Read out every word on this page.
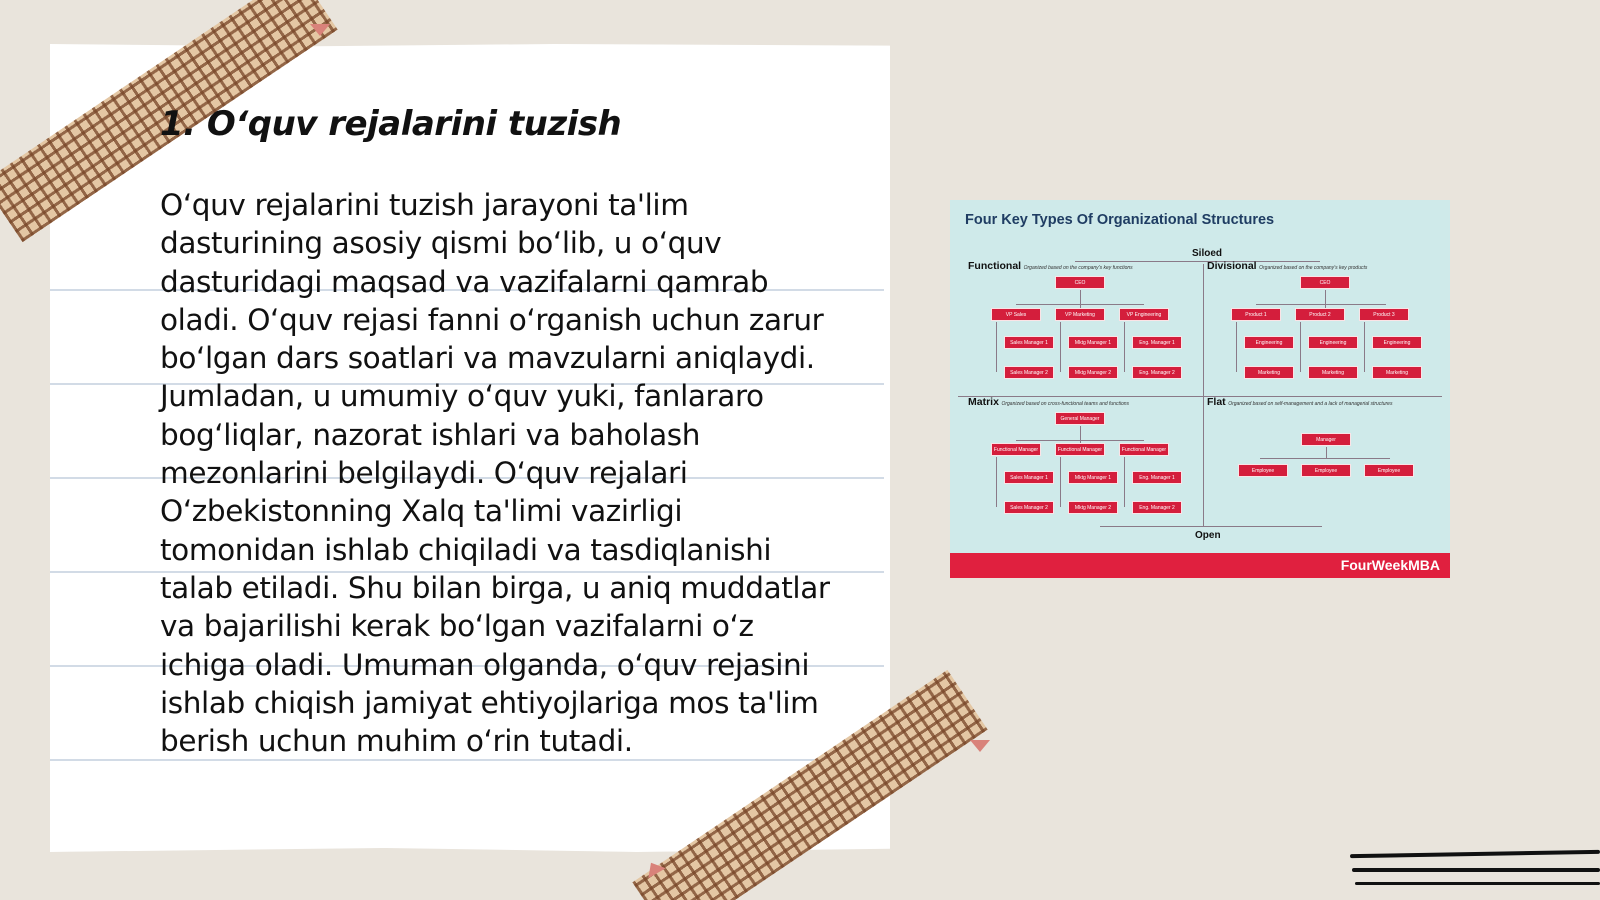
1. O‘quv rejalarini tuzish
O‘quv rejalarini tuzish jarayoni ta'lim dasturining asosiy qismi bo‘lib, u o‘quv dasturidagi maqsad va vazifalarni qamrab oladi. O‘quv rejasi fanni o‘rganish uchun zarur bo‘lgan dars soatlari va mavzularni aniqlaydi. Jumladan, u umumiy o‘quv yuki, fanlararo bog‘liqlar, nazorat ishlari va baholash mezonlarini belgilaydi. O‘quv rejalari O‘zbekistonning Xalq ta'limi vazirligi tomonidan ishlab chiqiladi va tasdiqlanishi talab etiladi. Shu bilan birga, u aniq muddatlar va bajarilishi kerak bo‘lgan vazifalarni o‘z ichiga oladi. Umuman olganda, o‘quv rejasini ishlab chiqish jamiyat ehtiyojlariga mos ta'lim berish uchun muhim o‘rin tutadi.
Four Key Types Of Organizational Structures
Siloed
Open
Functional Organized based on the company's key functions
CEO
VP Sales	VP Marketing	VP Engineering
Sales Manager 1	Mktg Manager 1	Eng. Manager 1
Sales Manager 2	Mktg Manager 2	Eng. Manager 2
Divisional Organized based on the company's key products
CEO
Product 1	Product 2	Product 3
Engineering	Engineering	Engineering
Marketing	Marketing	Marketing
Matrix Organized based on cross-functional teams and functions
General Manager
Functional Manager	Functional Manager	Functional Manager
Sales Manager 1	Mktg Manager 1	Eng. Manager 1
Sales Manager 2	Mktg Manager 2	Eng. Manager 2
Flat Organized based on self-management and a lack of managerial structures
Manager
Employee	Employee	Employee
FourWeekMBA
